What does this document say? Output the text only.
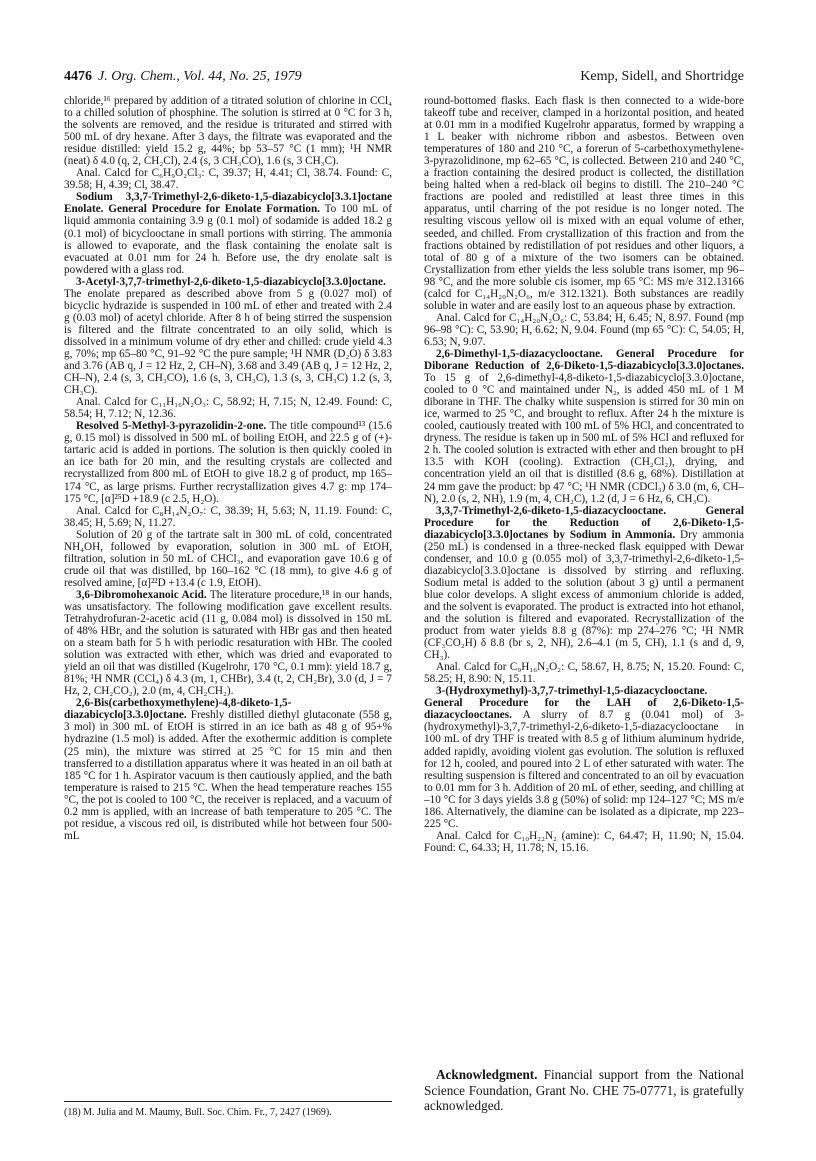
4476 J. Org. Chem., Vol. 44, No. 25, 1979	Kemp, Sidell, and Shortridge

chloride,¹⁶ prepared by addition of a titrated solution of chlorine in CCl₄ to a chilled solution of phosphine. The solution is stirred at 0 °C for 3 h, the solvents are removed, and the residue is triturated and stirred with 500 mL of dry hexane. After 3 days, the filtrate was evaporated and the residue distilled: yield 15.2 g, 44%; bp 53–57 °C (1 mm); ¹H NMR (neat) δ 4.0 (q, 2, CH₂Cl), 2.4 (s, 3 CH₃CO), 1.6 (s, 3 CH₃C).

Anal. Calcd for C₆H₉O₂Cl₃: C, 39.37; H, 4.41; Cl, 38.74. Found: C, 39.58; H, 4.39; Cl, 38.47.

Sodium 3,3,7-Trimethyl-2,6-diketo-1,5-diazabicyclo[3.3.1]octane Enolate. General Procedure for Enolate Formation. To 100 mL of liquid ammonia containing 3.9 g (0.1 mol) of sodamide is added 18.2 g (0.1 mol) of bicyclooctane in small portions with stirring. The ammonia is allowed to evaporate, and the flask containing the enolate salt is evacuated at 0.01 mm for 24 h. Before use, the dry enolate salt is powdered with a glass rod.

3-Acetyl-3,7,7-trimethyl-2,6-diketo-1,5-diazabicyclo[3.3.0]octane. The enolate prepared as described above from 5 g (0.027 mol) of bicyclic hydrazide is suspended in 100 mL of ether and treated with 2.4 g (0.03 mol) of acetyl chloride. After 8 h of being stirred the suspension is filtered and the filtrate concentrated to an oily solid, which is dissolved in a minimum volume of dry ether and chilled: crude yield 4.3 g, 70%; mp 65–80 °C, 91–92 °C the pure sample; ¹H NMR (D₂O) δ 3.83 and 3.76 (AB q, J = 12 Hz, 2, CH–N), 3.68 and 3.49 (AB q, J = 12 Hz, 2, CH–N), 2.4 (s, 3, CH₃CO), 1.6 (s, 3, CH₃C), 1.3 (s, 3, CH₃C) 1.2 (s, 3, CH₃C).

Anal. Calcd for C₁₁H₁₆N₂O₃: C, 58.92; H, 7.15; N, 12.49. Found: C, 58.54; H, 7.12; N, 12.36.

Resolved 5-Methyl-3-pyrazolidin-2-one. The title compound¹³ (15.6 g, 0.15 mol) is dissolved in 500 mL of boiling EtOH, and 22.5 g of (+)-tartaric acid is added in portions. The solution is then quickly cooled in an ice bath for 20 min, and the resulting crystals are collected and recrystallized from 800 mL of EtOH to give 18.2 g of product, mp 165–174 °C, as large prisms. Further recrystallization gives 4.7 g: mp 174–175 °C, [α]²⁵D +18.9 (c 2.5, H₂O).

Anal. Calcd for C₈H₁₄N₂O₇: C, 38.39; H, 5.63; N, 11.19. Found: C, 38.45; H, 5.69; N, 11.27.

Solution of 20 g of the tartrate salt in 300 mL of cold, concentrated NH₄OH, followed by evaporation, solution in 300 mL of EtOH, filtration, solution in 50 mL of CHCl₃, and evaporation gave 10.6 g of crude oil that was distilled, bp 160–162 °C (18 mm), to give 4.6 g of resolved amine, [α]²²D +13.4 (c 1.9, EtOH).

3,6-Dibromohexanoic Acid. The literature procedure,¹⁸ in our hands, was unsatisfactory. The following modification gave excellent results. Tetrahydrofuran-2-acetic acid (11 g, 0.084 mol) is dissolved in 150 mL of 48% HBr, and the solution is saturated with HBr gas and then heated on a steam bath for 5 h with periodic resaturation with HBr. The cooled solution was extracted with ether, which was dried and evaporated to yield an oil that was distilled (Kugelrohr, 170 °C, 0.1 mm): yield 18.7 g, 81%; ¹H NMR (CCl₄) δ 4.3 (m, 1, CHBr), 3.4 (t, 2, CH₂Br), 3.0 (d, J = 7 Hz, 2, CH₂CO₂), 2.0 (m, 4, CH₂CH₂).

2,6-Bis(carbethoxymethylene)-4,8-diketo-1,5-diazabicyclo[3.3.0]octane. Freshly distilled diethyl glutaconate (558 g, 3 mol) in 300 mL of EtOH is stirred in an ice bath as 48 g of 95+% hydrazine (1.5 mol) is added. After the exothermic addition is complete (25 min), the mixture was stirred at 25 °C for 15 min and then transferred to a distillation apparatus where it was heated in an oil bath at 185 °C for 1 h. Aspirator vacuum is then cautiously applied, and the bath temperature is raised to 215 °C. When the head temperature reaches 155 °C, the pot is cooled to 100 °C, the receiver is replaced, and a vacuum of 0.2 mm is applied, with an increase of bath temperature to 205 °C. The pot residue, a viscous red oil, is distributed while hot between four 500-mL

(18) M. Julia and M. Maumy, Bull. Soc. Chim. Fr., 7, 2427 (1969).

round-bottomed flasks. Each flask is then connected to a wide-bore takeoff tube and receiver, clamped in a horizontal position, and heated at 0.01 mm in a modified Kugelrohr apparatus, formed by wrapping a 1 L beaker with nichrome ribbon and asbestos. Between oven temperatures of 180 and 210 °C, a forerun of 5-carbethoxymethylene-3-pyrazolidinone, mp 62–65 °C, is collected. Between 210 and 240 °C, a fraction containing the desired product is collected, the distillation being halted when a red-black oil begins to distill. The 210–240 °C fractions are pooled and redistilled at least three times in this apparatus, until charring of the pot residue is no longer noted. The resulting viscous yellow oil is mixed with an equal volume of ether, seeded, and chilled. From crystallization of this fraction and from the fractions obtained by redistillation of pot residues and other liquors, a total of 80 g of a mixture of the two isomers can be obtained. Crystallization from ether yields the less soluble trans isomer, mp 96–98 °C, and the more soluble cis isomer, mp 65 °C: MS m/e 312.13166 (calcd for C₁₄H₂₀N₂O₆, m/e 312.1321). Both substances are readily soluble in water and are easily lost to an aqueous phase by extraction.

Anal. Calcd for C₁₄H₂₀N₂O₆: C, 53.84; H, 6.45; N, 8.97. Found (mp 96–98 °C): C, 53.90; H, 6.62; N, 9.04. Found (mp 65 °C): C, 54.05; H, 6.53; N, 9.07.

2,6-Dimethyl-1,5-diazacyclooctane. General Procedure for Diborane Reduction of 2,6-Diketo-1,5-diazabicyclo[3.3.0]octanes. To 15 g of 2,6-dimethyl-4,8-diketo-1,5-diazabicyclo[3.3.0]octane, cooled to 0 °C and maintained under N₂, is added 450 mL of 1 M diborane in THF. The chalky white suspension is stirred for 30 min on ice, warmed to 25 °C, and brought to reflux. After 24 h the mixture is cooled, cautiously treated with 100 mL of 5% HCl, and concentrated to dryness. The residue is taken up in 500 mL of 5% HCl and refluxed for 2 h. The cooled solution is extracted with ether and then brought to pH 13.5 with KOH (cooling). Extraction (CH₂Cl₂), drying, and concentration yield an oil that is distilled (8.6 g, 68%). Distillation at 24 mm gave the product: bp 47 °C; ¹H NMR (CDCl₃) δ 3.0 (m, 6, CH–N), 2.0 (s, 2, NH), 1.9 (m, 4, CH₂C), 1.2 (d, J = 6 Hz, 6, CH₃C).

3,3,7-Trimethyl-2,6-diketo-1,5-diazacyclooctane. General Procedure for the Reduction of 2,6-Diketo-1,5-diazabicyclo[3.3.0]octanes by Sodium in Ammonia. Dry ammonia (250 mL) is condensed in a three-necked flask equipped with Dewar condenser, and 10.0 g (0.055 mol) of 3,3,7-trimethyl-2,6-diketo-1,5-diazabicyclo[3.3.0]octane is dissolved by stirring and refluxing. Sodium metal is added to the solution (about 3 g) until a permanent blue color develops. A slight excess of ammonium chloride is added, and the solvent is evaporated. The product is extracted into hot ethanol, and the solution is filtered and evaporated. Recrystallization of the product from water yields 8.8 g (87%): mp 274–276 °C; ¹H NMR (CF₃CO₂H) δ 8.8 (br s, 2, NH), 2.6–4.1 (m 5, CH), 1.1 (s and d, 9, CH₃).

Anal. Calcd for C₉H₁₆N₂O₂: C, 58.67, H, 8.75; N, 15.20. Found: C, 58.25; H, 8.90: N, 15.11.

3-(Hydroxymethyl)-3,7,7-trimethyl-1,5-diazacyclooctane. General Procedure for the LAH of 2,6-Diketo-1,5-diazacyclooctanes. A slurry of 8.7 g (0.041 mol) of 3-(hydroxymethyl)-3,7,7-trimethyl-2,6-diketo-1,5-diazacyclooctane in 100 mL of dry THF is treated with 8.5 g of lithium aluminum hydride, added rapidly, avoiding violent gas evolution. The solution is refluxed for 12 h, cooled, and poured into 2 L of ether saturated with water. The resulting suspension is filtered and concentrated to an oil by evacuation to 0.01 mm for 3 h. Addition of 20 mL of ether, seeding, and chilling at –10 °C for 3 days yields 3.8 g (50%) of solid: mp 124–127 °C; MS m/e 186. Alternatively, the diamine can be isolated as a dipicrate, mp 223–225 °C.

Anal. Calcd for C₁₀H₂₂N₂ (amine): C, 64.47; H, 11.90; N, 15.04. Found: C, 64.33; H, 11.78; N, 15.16.

Acknowledgment. Financial support from the National Science Foundation, Grant No. CHE 75-07771, is gratefully acknowledged.
